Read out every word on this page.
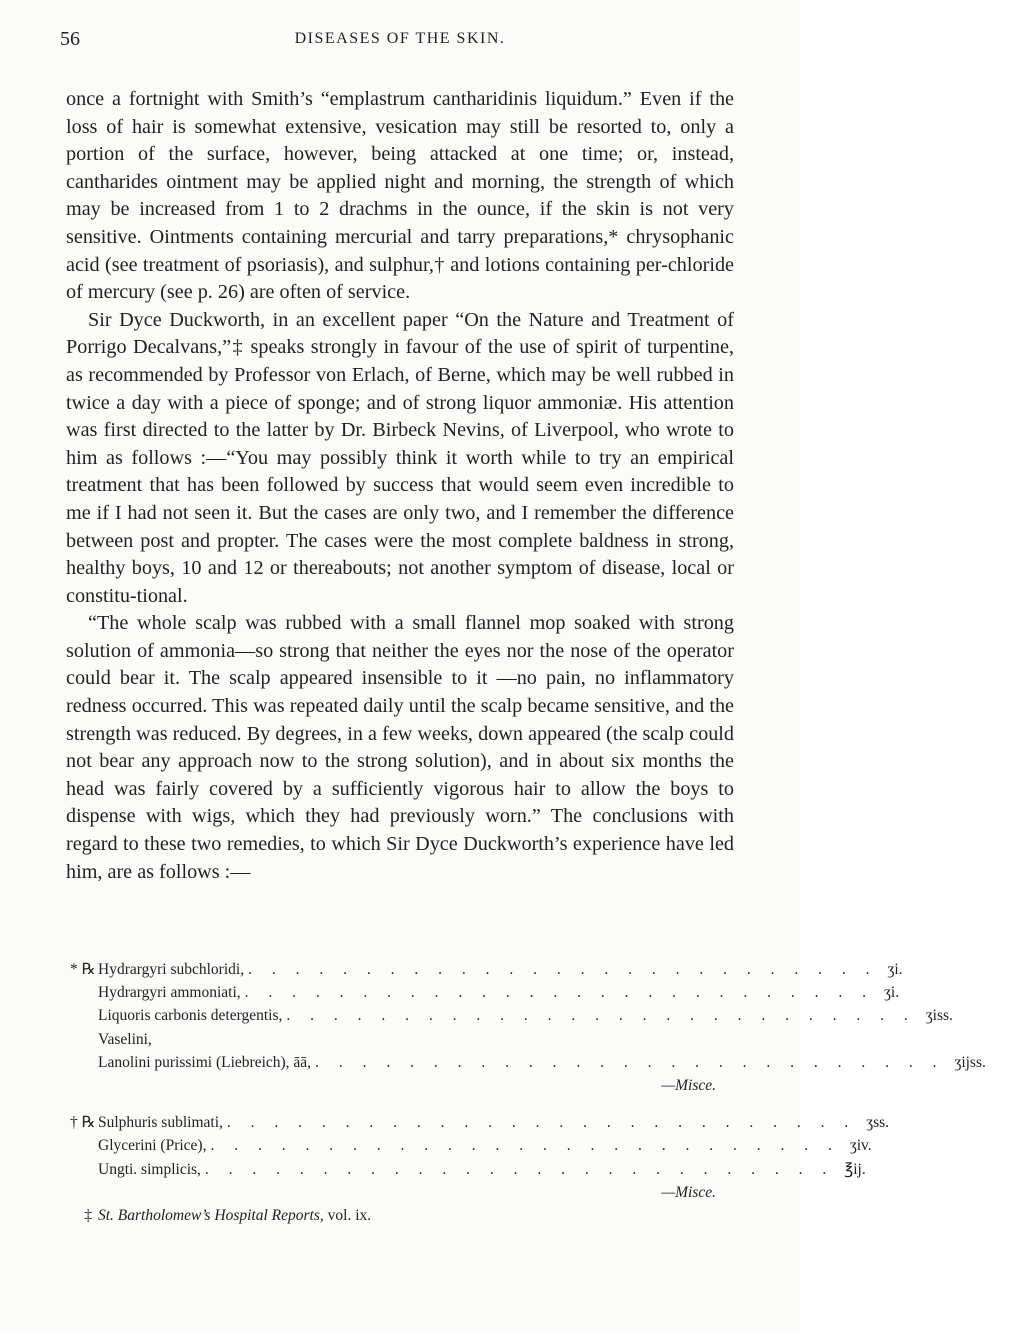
56	DISEASES OF THE SKIN.

once a fortnight with Smith’s “emplastrum cantharidinis liquidum.” Even if the loss of hair is somewhat extensive, vesication may still be resorted to, only a portion of the surface, however, being attacked at one time; or, instead, cantharides ointment may be applied night and morning, the strength of which may be increased from 1 to 2 drachms in the ounce, if the skin is not very sensitive. Ointments containing mercurial and tarry preparations,* chrysophanic acid (see treatment of psoriasis), and sulphur,† and lotions containing per-chloride of mercury (see p. 26) are often of service.

Sir Dyce Duckworth, in an excellent paper “On the Nature and Treatment of Porrigo Decalvans,”‡ speaks strongly in favour of the use of spirit of turpentine, as recommended by Professor von Erlach, of Berne, which may be well rubbed in twice a day with a piece of sponge; and of strong liquor ammoniæ. His attention was first directed to the latter by Dr. Birbeck Nevins, of Liverpool, who wrote to him as follows :—“You may possibly think it worth while to try an empirical treatment that has been followed by success that would seem even incredible to me if I had not seen it. But the cases are only two, and I remember the difference between post and propter. The cases were the most complete baldness in strong, healthy boys, 10 and 12 or thereabouts; not another symptom of disease, local or constitu-tional.

“The whole scalp was rubbed with a small flannel mop soaked with strong solution of ammonia—so strong that neither the eyes nor the nose of the operator could bear it. The scalp appeared insensible to it —no pain, no inflammatory redness occurred. This was repeated daily until the scalp became sensitive, and the strength was reduced. By degrees, in a few weeks, down appeared (the scalp could not bear any approach now to the strong solution), and in about six months the head was fairly covered by a sufficiently vigorous hair to allow the boys to dispense with wigs, which they had previously worn.” The conclusions with regard to these two remedies, to which Sir Dyce Duckworth’s experience have led him, are as follows :—

* ℞ Hydrargyri subchloridi, . . . . . . . . . . . . . . . . . . . . . . . . . . . ʒi.
Hydrargyri ammoniati, . . . . . . . . . . . . . . . . . . . . . . . . . . . ʒi.
Liquoris carbonis detergentis, . . . . . . . . . . . . . . . . . . . . . . . . . . . ʒiss.
Vaselini,
Lanolini purissimi (Liebreich), āā, . . . . . . . . . . . . . . . . . . . . . . . . . . . ʒijss.
—Misce.
† ℞ Sulphuris sublimati, . . . . . . . . . . . . . . . . . . . . . . . . . . . ʒss.
Glycerini (Price), . . . . . . . . . . . . . . . . . . . . . . . . . . . ʒiv.
Ungti. simplicis, . . . . . . . . . . . . . . . . . . . . . . . . . . . ℥ij.
—Misce.
‡ St. Bartholomew’s Hospital Reports, vol. ix.
